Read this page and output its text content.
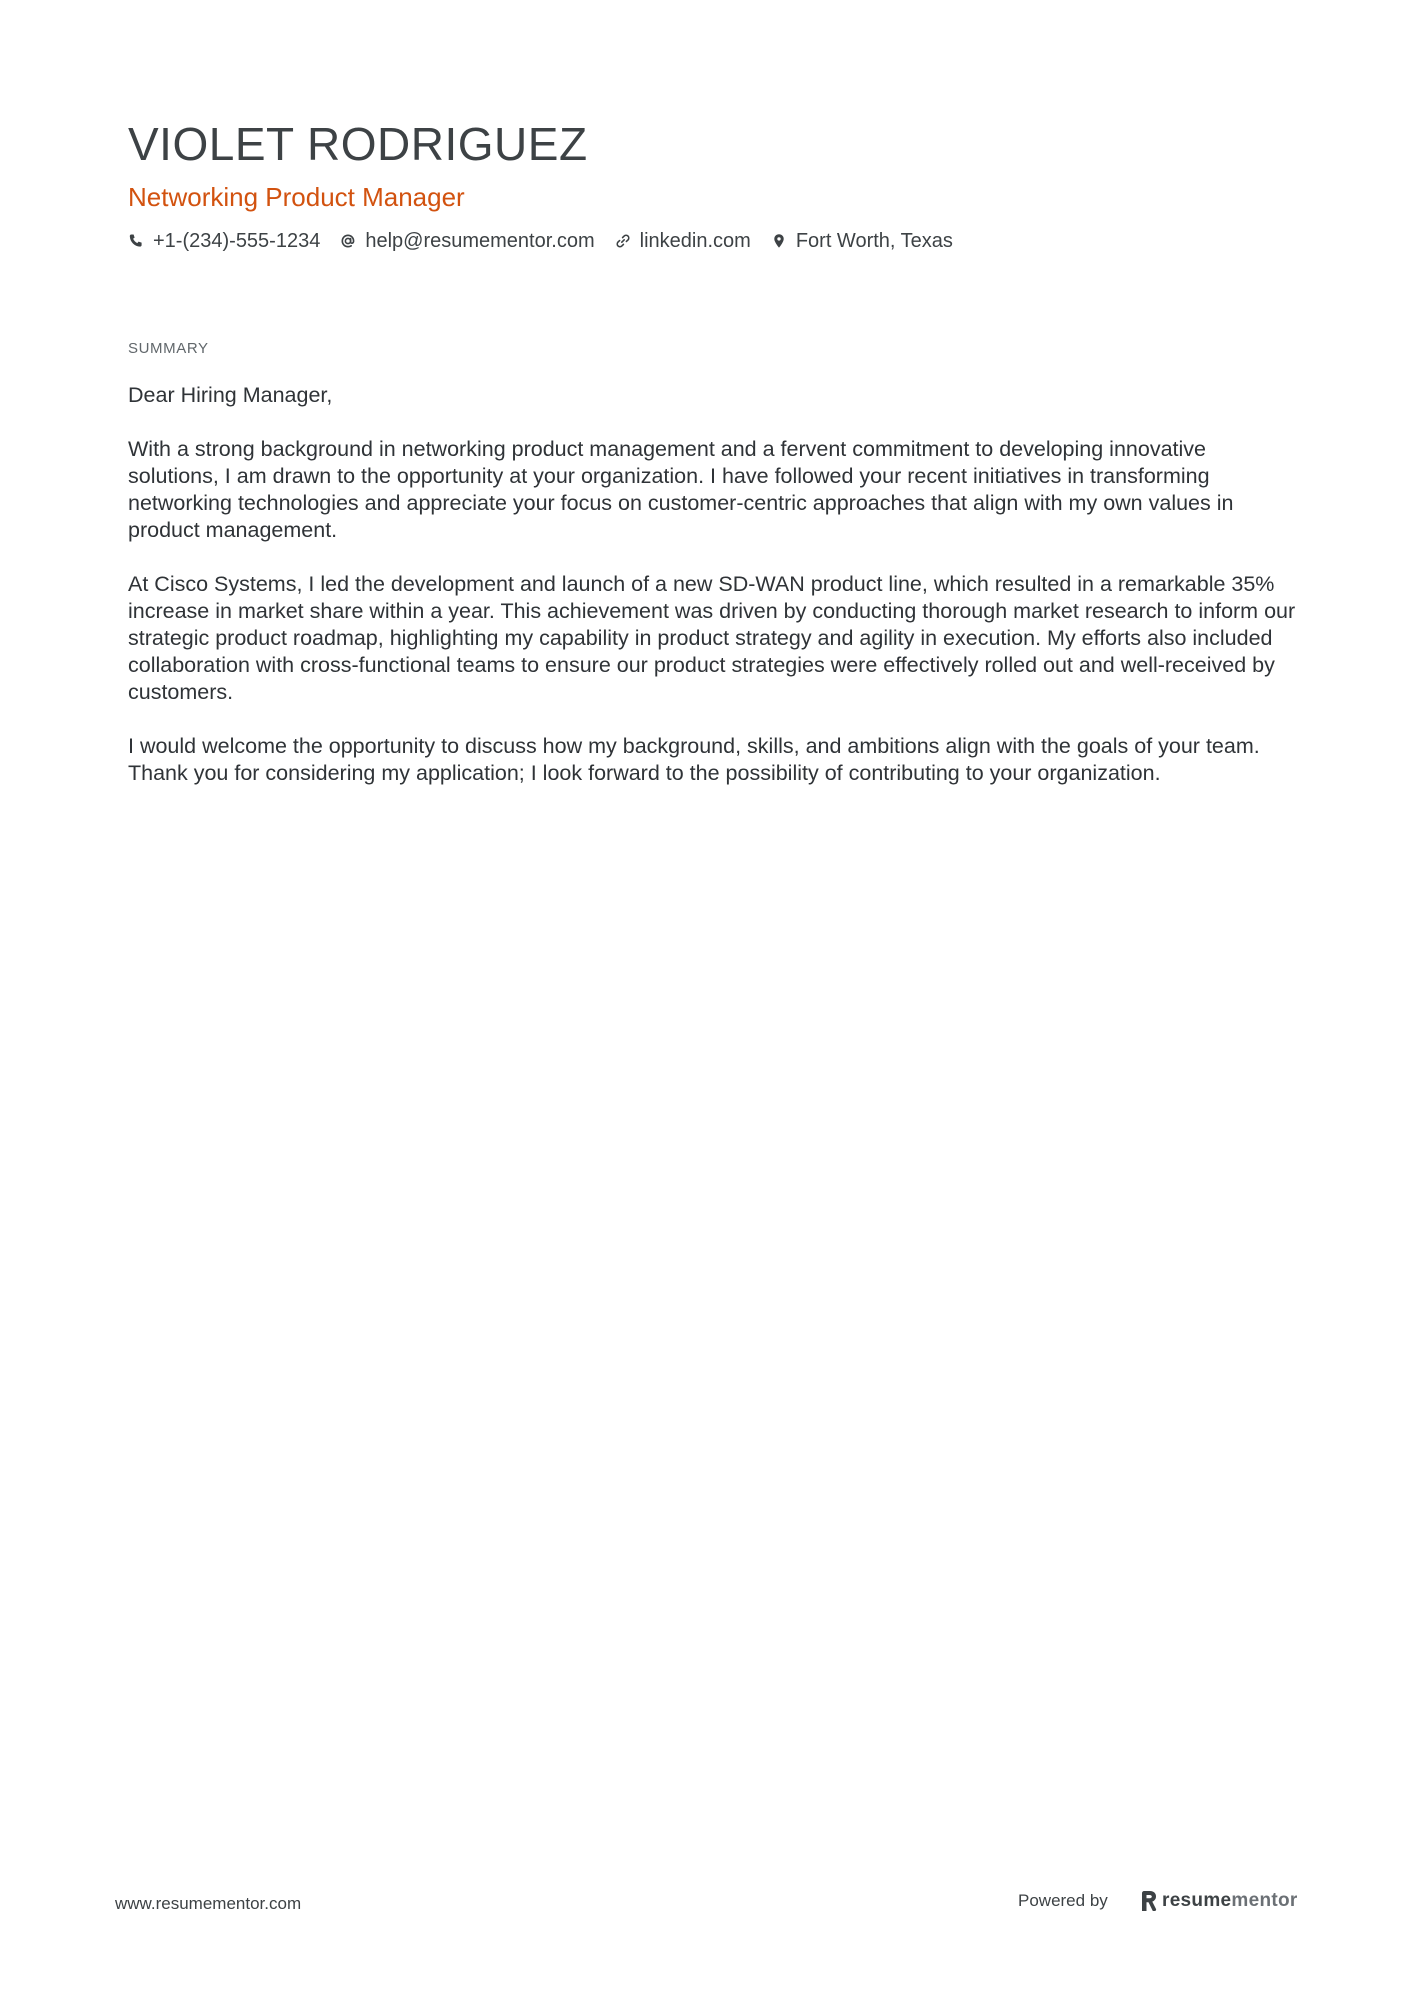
VIOLET RODRIGUEZ
Networking Product Manager
+1-(234)-555-1234 help@resumementor.com linkedin.com Fort Worth, Texas
SUMMARY

Dear Hiring Manager,

With a strong background in networking product management and a fervent commitment to developing innovative solutions, I am drawn to the opportunity at your organization. I have followed your recent initiatives in transforming networking technologies and appreciate your focus on customer-centric approaches that align with my own values in product management.

At Cisco Systems, I led the development and launch of a new SD-WAN product line, which resulted in a remarkable 35% increase in market share within a year. This achievement was driven by conducting thorough market research to inform our strategic product roadmap, highlighting my capability in product strategy and agility in execution. My efforts also included collaboration with cross-functional teams to ensure our product strategies were effectively rolled out and well-received by customers.

I would welcome the opportunity to discuss how my background, skills, and ambitions align with the goals of your team. Thank you for considering my application; I look forward to the possibility of contributing to your organization.

www.resumementor.com	Powered by	resumementor
